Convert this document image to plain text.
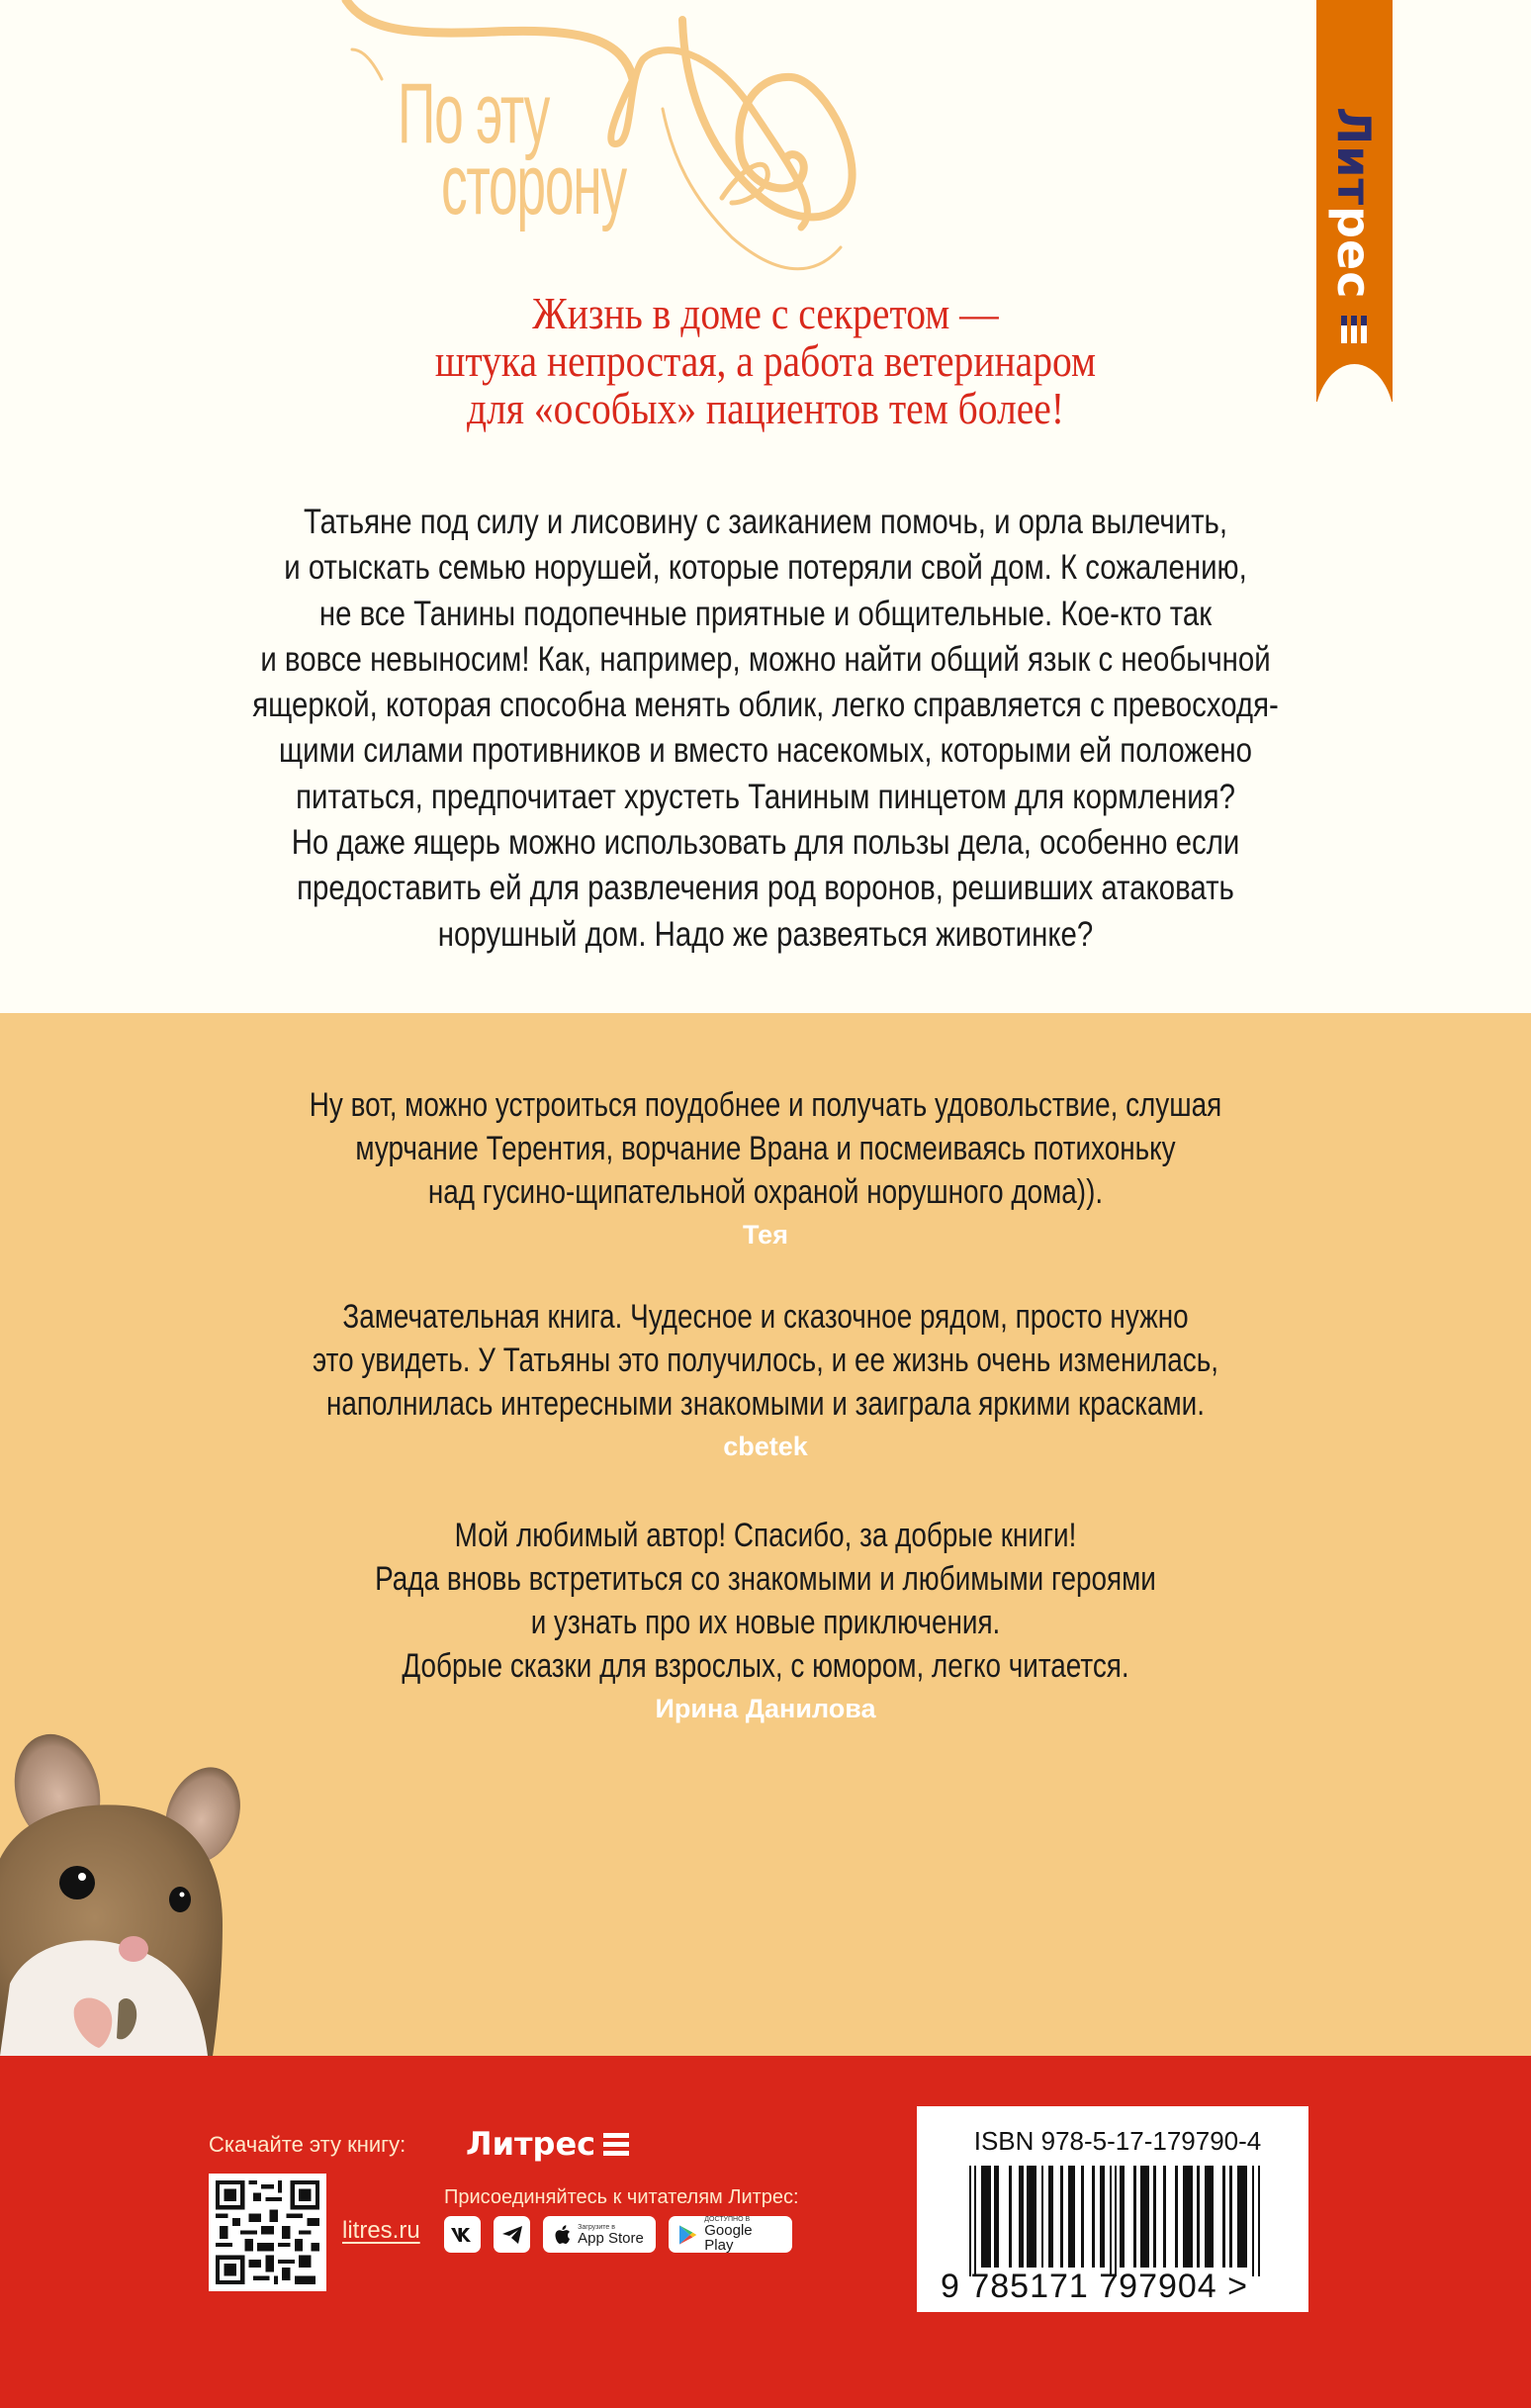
По эту
сторону	Лит
рес
Жизнь в доме с секретом —
штука непростая, а работа ветеринаром
для «особых» пациентов тем более!
Татьяне под силу и лисовину с заиканием помочь, и орла вылечить,
и отыскать семью норушей, которые потеряли свой дом. К сожалению,
не все Танины подопечные приятные и общительные. Кое-кто так
и вовсе невыносим! Как, например, можно найти общий язык с необычной
ящеркой, которая способна менять облик, легко справляется с превосходя-
щими силами противников и вместо насекомых, которыми ей положено
питаться, предпочитает хрустеть Таниным пинцетом для кормления?
Но даже ящерь можно использовать для пользы дела, особенно если
предоставить ей для развлечения род воронов, решивших атаковать
норушный дом. Надо же развеяться животинке?
Ну вот, можно устроиться поудобнее и получать удовольствие, слушая
мурчание Терентия, ворчание Врана и посмеиваясь потихоньку
над гусино-щипательной охраной норушного дома)).
Тея
Замечательная книга. Чудесное и сказочное рядом, просто нужно
это увидеть. У Татьяны это получилось, и ее жизнь очень изменилась,
наполнилась интересными знакомыми и заиграла яркими красками.
cbetek
Мой любимый автор! Спасибо, за добрые книги!
Рада вновь встретиться со знакомыми и любимыми героями
и узнать про их новые приключения.
Добрые сказки для взрослых, с юмором, легко читается.
Ирина Данилова
Скачайте эту книгу:
litres.ru
Литрес
Присоединяйтесь к читателям Литрес:
Загрузите в
App Store
ДОСТУПНО В
Google Play
ISBN 978-5-17-179790-4
9 785171 797904 >
